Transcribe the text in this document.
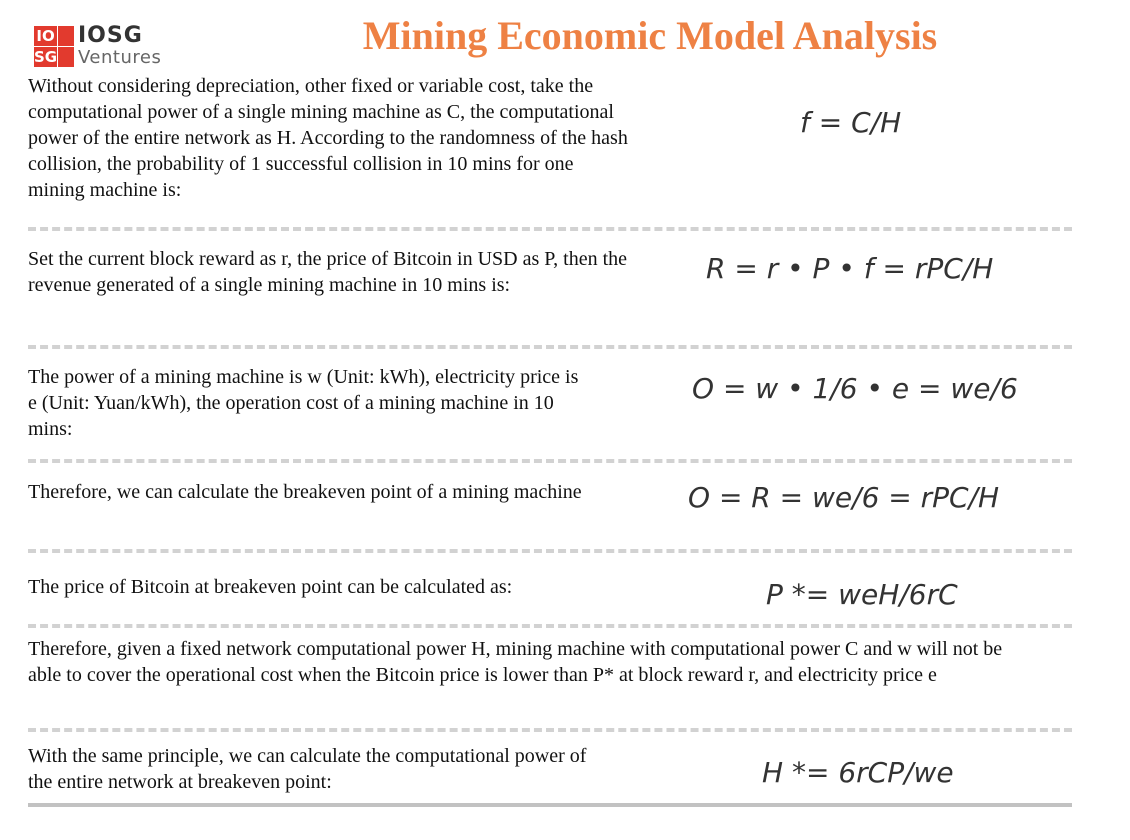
IO
SG
IOSG
Ventures	Mining Economic Model Analysis
Without considering depreciation, other fixed or variable cost, take the computational power of a single mining machine as C, the computational power of the entire network as H. According to the randomness of the hash collision, the probability of 1 successful collision in 10 mins for one mining machine is:
f = C/H
Set the current block reward as r, the price of Bitcoin in USD as P, then the revenue generated of a single mining machine in 10 mins is:	R = r • P • f = rPC/H
The power of a mining machine is w (Unit: kWh), electricity price is e (Unit: Yuan/kWh), the operation cost of a mining machine in 10 mins:
O = w • 1/6 • e = we/6
Therefore, we can calculate the breakeven point of a mining machine	O = R = we/6 = rPC/H
The price of Bitcoin at breakeven point can be calculated as:	P *= weH/6rC
Therefore, given a fixed network computational power H, mining machine with computational power C and w will not be able to cover the operational cost when the Bitcoin price is lower than P* at block reward r, and electricity price e
With the same principle, we can calculate the computational power of the entire network at breakeven point:	H *= 6rCP/we
